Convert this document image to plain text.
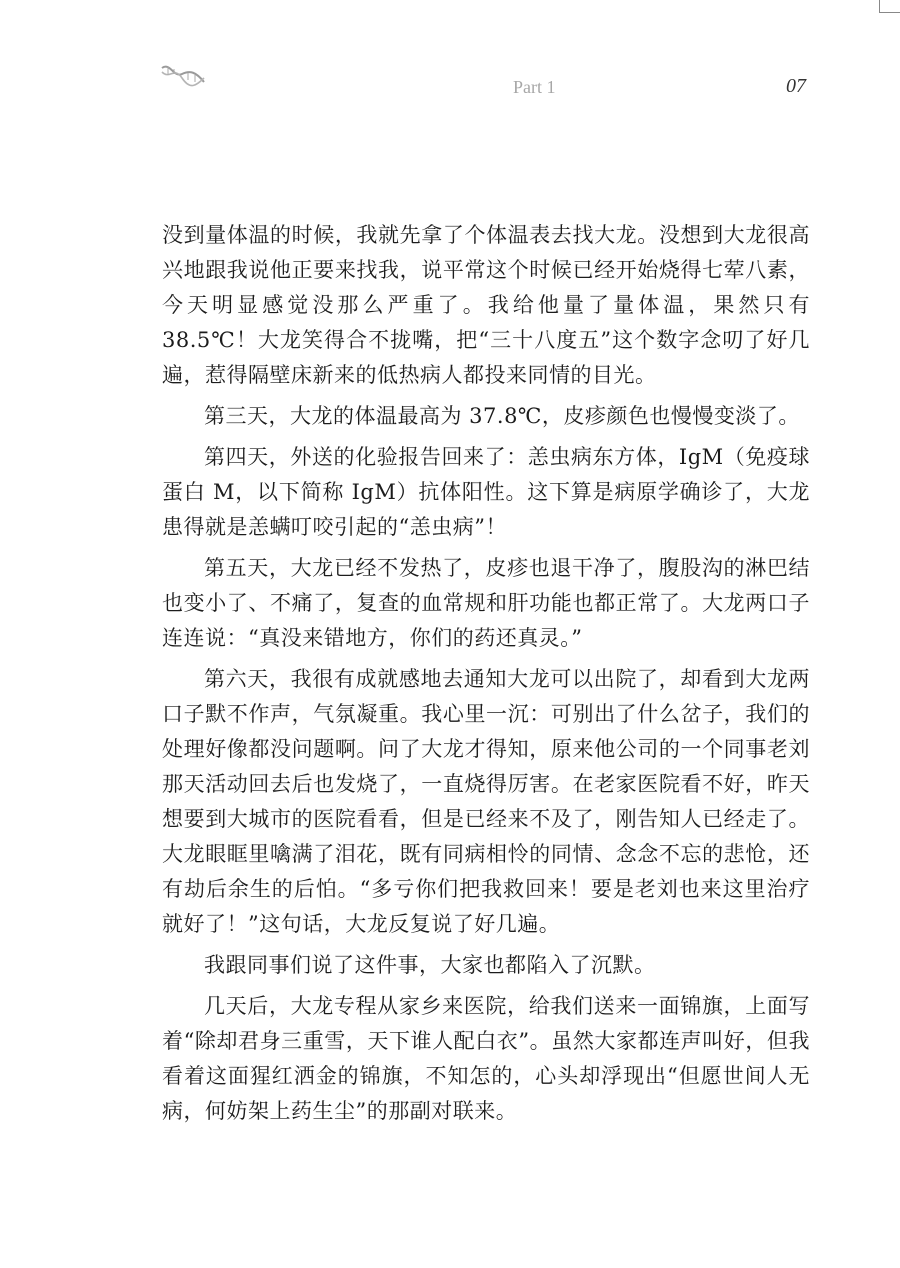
Part 1	07

没到量体温的时候，我就先拿了个体温表去找大龙。没想到大龙很高兴地跟我说他正要来找我，说平常这个时候已经开始烧得七荤八素，今天明显感觉没那么严重了。我给他量了量体温，果然只有 38.5℃！大龙笑得合不拢嘴，把“三十八度五”这个数字念叨了好几遍，惹得隔壁床新来的低热病人都投来同情的目光。

第三天，大龙的体温最高为 37.8℃，皮疹颜色也慢慢变淡了。

第四天，外送的化验报告回来了：恙虫病东方体，IgM（免疫球蛋白 M，以下简称 IgM）抗体阳性。这下算是病原学确诊了，大龙患得就是恙螨叮咬引起的“恙虫病”！

第五天，大龙已经不发热了，皮疹也退干净了，腹股沟的淋巴结也变小了、不痛了，复查的血常规和肝功能也都正常了。大龙两口子连连说：“真没来错地方，你们的药还真灵。”

第六天，我很有成就感地去通知大龙可以出院了，却看到大龙两口子默不作声，气氛凝重。我心里一沉：可别出了什么岔子，我们的处理好像都没问题啊。问了大龙才得知，原来他公司的一个同事老刘那天活动回去后也发烧了，一直烧得厉害。在老家医院看不好，昨天想要到大城市的医院看看，但是已经来不及了，刚告知人已经走了。大龙眼眶里噙满了泪花，既有同病相怜的同情、念念不忘的悲怆，还有劫后余生的后怕。“多亏你们把我救回来！要是老刘也来这里治疗就好了！”这句话，大龙反复说了好几遍。

我跟同事们说了这件事，大家也都陷入了沉默。

几天后，大龙专程从家乡来医院，给我们送来一面锦旗，上面写着“除却君身三重雪，天下谁人配白衣”。虽然大家都连声叫好，但我看着这面猩红洒金的锦旗，不知怎的，心头却浮现出“但愿世间人无病，何妨架上药生尘”的那副对联来。
